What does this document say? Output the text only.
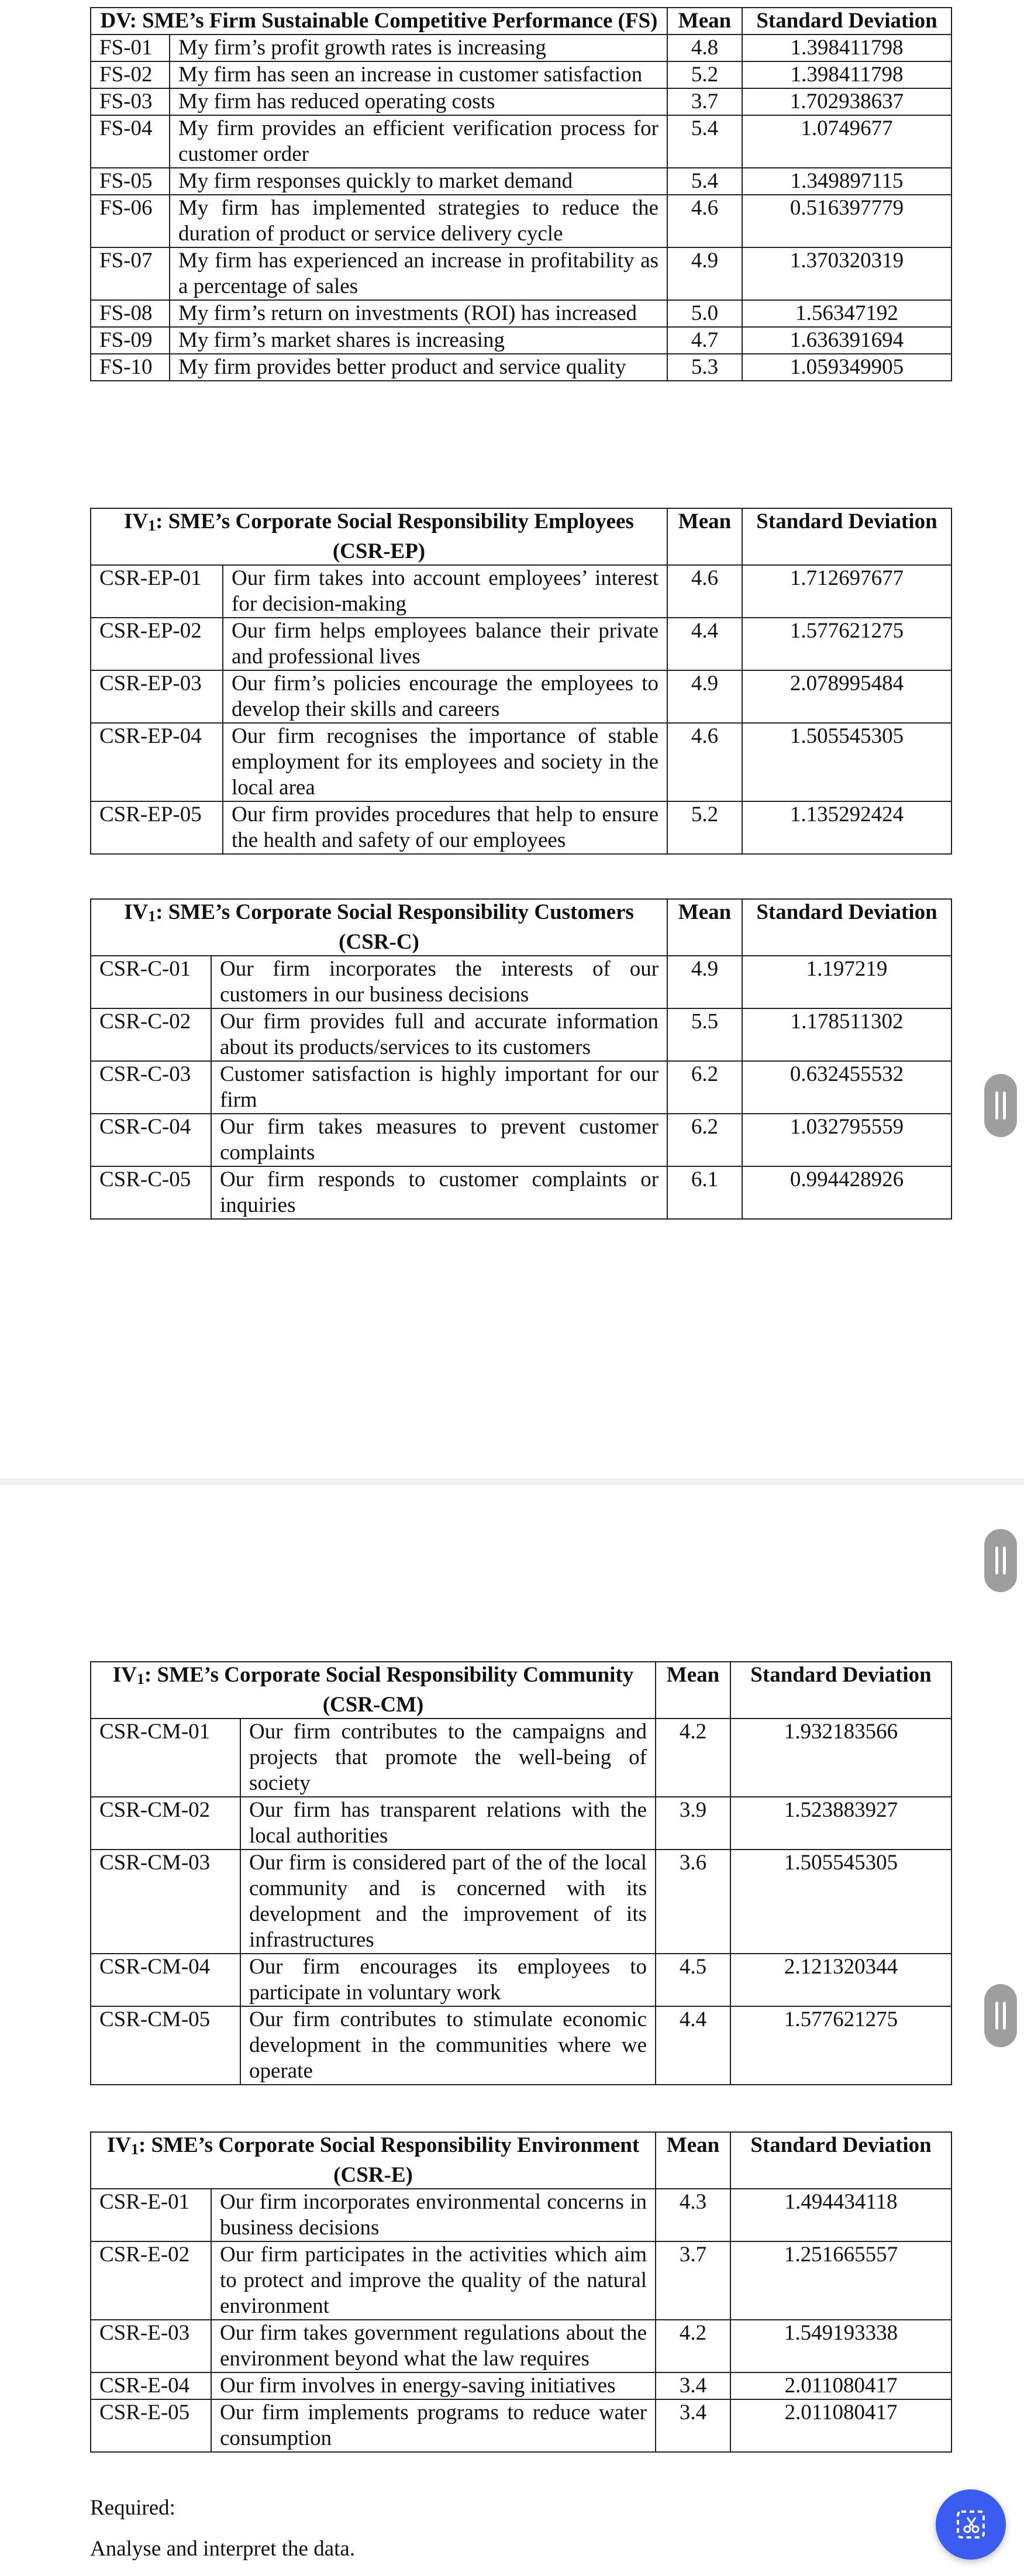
DV: SME’s Firm Sustainable Competitive Performance (FS)		Mean	Standard Deviation
FS-01	My firm’s profit growth rates is increasing	4.8	1.398411798
FS-02	My firm has seen an increase in customer satisfaction	5.2	1.398411798
FS-03	My firm has reduced operating costs	3.7	1.702938637
FS-04	My firm provides an efficient verification process for customer order	5.4	1.0749677
FS-05	My firm responses quickly to market demand	5.4	1.349897115
FS-06	My firm has implemented strategies to reduce the duration of product or service delivery cycle	4.6	0.516397779
FS-07	My firm has experienced an increase in profitability as a percentage of sales	4.9	1.370320319
FS-08	My firm’s return on investments (ROI) has increased	5.0	1.56347192
FS-09	My firm’s market shares is increasing	4.7	1.636391694
FS-10	My firm provides better product and service quality	5.3	1.059349905
IV1: SME’s Corporate Social Responsibility Employees (CSR-EP)		Mean	Standard Deviation
CSR-EP-01	Our firm takes into account employees’ interest for decision-making	4.6	1.712697677
CSR-EP-02	Our firm helps employees balance their private and professional lives	4.4	1.577621275
CSR-EP-03	Our firm’s policies encourage the employees to develop their skills and careers	4.9	2.078995484
CSR-EP-04	Our firm recognises the importance of stable employment for its employees and society in the local area	4.6	1.505545305
CSR-EP-05	Our firm provides procedures that help to ensure the health and safety of our employees	5.2	1.135292424
IV1: SME’s Corporate Social Responsibility Customers (CSR-C)		Mean	Standard Deviation
CSR-C-01	Our firm incorporates the interests of our customers in our business decisions	4.9	1.197219
CSR-C-02	Our firm provides full and accurate information about its products/services to its customers	5.5	1.178511302
CSR-C-03	Customer satisfaction is highly important for our firm	6.2	0.632455532
CSR-C-04	Our firm takes measures to prevent customer complaints	6.2	1.032795559
CSR-C-05	Our firm responds to customer complaints or inquiries	6.1	0.994428926
IV1: SME’s Corporate Social Responsibility Community (CSR-CM)		Mean	Standard Deviation
CSR-CM-01	Our firm contributes to the campaigns and projects that promote the well-being of society	4.2	1.932183566
CSR-CM-02	Our firm has transparent relations with the local authorities	3.9	1.523883927
CSR-CM-03	Our firm is considered part of the of the local community and is concerned with its development and the improvement of its infrastructures	3.6	1.505545305
CSR-CM-04	Our firm encourages its employees to participate in voluntary work	4.5	2.121320344
CSR-CM-05	Our firm contributes to stimulate economic development in the communities where we operate	4.4	1.577621275
IV1: SME’s Corporate Social Responsibility Environment (CSR-E)		Mean	Standard Deviation
CSR-E-01	Our firm incorporates environmental concerns in business decisions	4.3	1.494434118
CSR-E-02	Our firm participates in the activities which aim to protect and improve the quality of the natural environment	3.7	1.251665557
CSR-E-03	Our firm takes government regulations about the environment beyond what the law requires	4.2	1.549193338
CSR-E-04	Our firm involves in energy-saving initiatives	3.4	2.011080417
CSR-E-05	Our firm implements programs to reduce water consumption	3.4	2.011080417
Required:
Analyse and interpret the data.
